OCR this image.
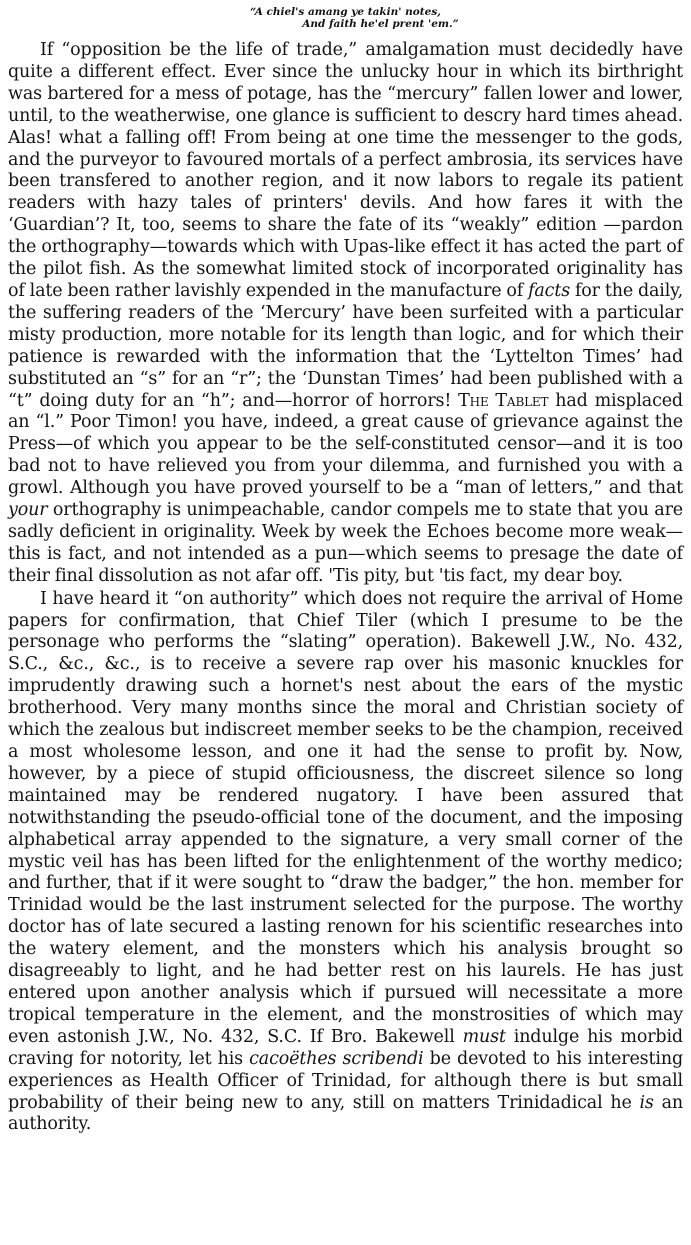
“A chiel's amang ye takin' notes,
And faith he'el prent 'em.”

If “opposition be the life of trade,” amalgamation must decidedly have quite a different effect. Ever since the unlucky hour in which its birthright was bartered for a mess of potage, has the “mercury” fallen lower and lower, until, to the weatherwise, one glance is sufficient to descry hard times ahead. Alas! what a falling off! From being at one time the messenger to the gods, and the purveyor to favoured mortals of a perfect ambrosia, its services have been transfered to another region, and it now labors to regale its patient readers with hazy tales of printers' devils. And how fares it with the ‘Guardian’? It, too, seems to share the fate of its “weakly” edition —pardon the orthography—towards which with Upas-like effect it has acted the part of the pilot fish. As the somewhat limited stock of incorporated originality has of late been rather lavishly expended in the manufacture of facts for the daily, the suffering readers of the ‘Mercury’ have been surfeited with a particular misty production, more notable for its length than logic, and for which their patience is rewarded with the information that the ‘Lyttelton Times’ had substituted an “s” for an “r”; the ‘Dunstan Times’ had been published with a “t” doing duty for an “h”; and—horror of horrors! The Tablet had misplaced an “l.” Poor Timon! you have, indeed, a great cause of grievance against the Press—of which you appear to be the self-constituted censor—and it is too bad not to have relieved you from your dilemma, and furnished you with a growl. Although you have proved yourself to be a “man of letters,” and that your orthography is unimpeachable, candor compels me to state that you are sadly deficient in originality. Week by week the Echoes become more weak—this is fact, and not intended as a pun—which seems to presage the date of their final dissolution as not afar off. 'Tis pity, but 'tis fact, my dear boy.

I have heard it “on authority” which does not require the arrival of Home papers for confirmation, that Chief Tiler (which I presume to be the personage who performs the “slating” operation). Bakewell J.W., No. 432, S.C., &c., &c., is to receive a severe rap over his masonic knuckles for imprudently drawing such a hornet's nest about the ears of the mystic brotherhood. Very many months since the moral and Christian society of which the zealous but indiscreet member seeks to be the champion, received a most wholesome lesson, and one it had the sense to profit by. Now, however, by a piece of stupid officiousness, the discreet silence so long maintained may be rendered nugatory. I have been assured that notwithstanding the pseudo-official tone of the document, and the imposing alphabetical array appended to the signature, a very small corner of the mystic veil has has been lifted for the enlightenment of the worthy medico; and further, that if it were sought to “draw the badger,” the hon. member for Trinidad would be the last instrument selected for the purpose. The worthy doctor has of late secured a lasting renown for his scientific researches into the watery element, and the monsters which his analysis brought so disagreeably to light, and he had better rest on his laurels. He has just entered upon another analysis which if pursued will necessitate a more tropical temperature in the element, and the monstrosities of which may even astonish J.W., No. 432, S.C. If Bro. Bakewell must indulge his morbid craving for notority, let his cacoëthes scribendi be devoted to his interesting experiences as Health Officer of Trinidad, for although there is but small probability of their being new to any, still on matters Trinidadical he is an authority.
